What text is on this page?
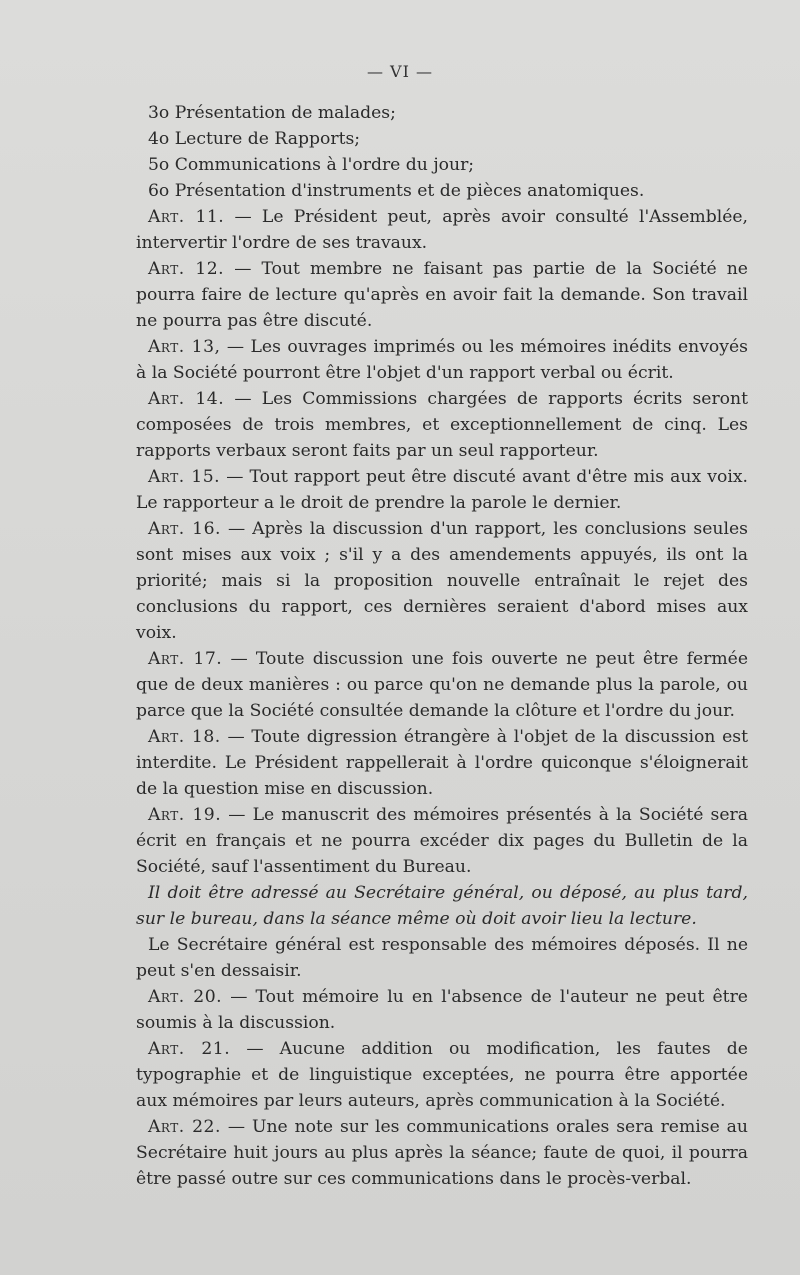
— VI —

3o Présentation de malades;

4o Lecture de Rapports;

5o Communications à l'ordre du jour;

6o Présentation d'instruments et de pièces anatomiques.

Art. 11. — Le Président peut, après avoir consulté l'Assemblée, intervertir l'ordre de ses travaux.

Art. 12. — Tout membre ne faisant pas partie de la Société ne pourra faire de lecture qu'après en avoir fait la demande. Son travail ne pourra pas être discuté.

Art. 13, — Les ouvrages imprimés ou les mémoires inédits envoyés à la Société pourront être l'objet d'un rapport verbal ou écrit.

Art. 14. — Les Commissions chargées de rapports écrits seront composées de trois membres, et exceptionnellement de cinq. Les rapports verbaux seront faits par un seul rapporteur.

Art. 15. — Tout rapport peut être discuté avant d'être mis aux voix. Le rapporteur a le droit de prendre la parole le dernier.

Art. 16. — Après la discussion d'un rapport, les conclusions seules sont mises aux voix ; s'il y a des amendements appuyés, ils ont la priorité; mais si la proposition nouvelle entraînait le rejet des conclusions du rapport, ces dernières seraient d'abord mises aux voix.

Art. 17. — Toute discussion une fois ouverte ne peut être fermée que de deux manières : ou parce qu'on ne demande plus la parole, ou parce que la Société consultée demande la clôture et l'ordre du jour.

Art. 18. — Toute digression étrangère à l'objet de la discussion est interdite. Le Président rappellerait à l'ordre quiconque s'éloignerait de la question mise en discussion.

Art. 19. — Le manuscrit des mémoires présentés à la Société sera écrit en français et ne pourra excéder dix pages du Bulletin de la Société, sauf l'assentiment du Bureau.

Il doit être adressé au Secrétaire général, ou déposé, au plus tard, sur le bureau, dans la séance même où doit avoir lieu la lecture.

Le Secrétaire général est responsable des mémoires déposés. Il ne peut s'en dessaisir.

Art. 20. — Tout mémoire lu en l'absence de l'auteur ne peut être soumis à la discussion.

Art. 21. — Aucune addition ou modification, les fautes de typographie et de linguistique exceptées, ne pourra être apportée aux mémoires par leurs auteurs, après communication à la Société.

Art. 22. — Une note sur les communications orales sera remise au Secrétaire huit jours au plus après la séance; faute de quoi, il pourra être passé outre sur ces communications dans le procès-verbal.
